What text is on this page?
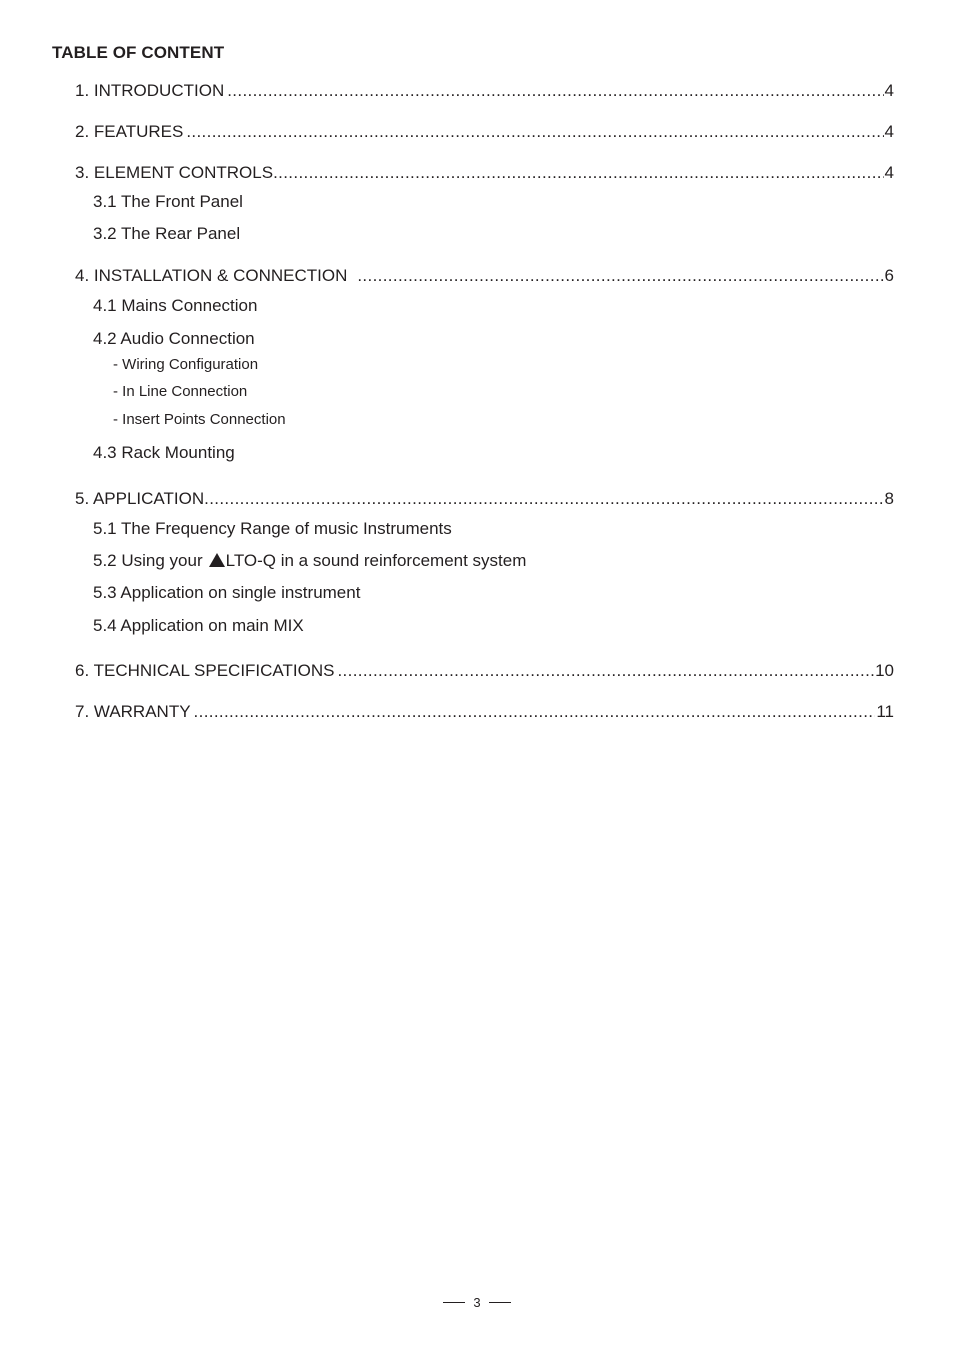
TABLE OF CONTENT
1. INTRODUCTION .....	4
2. FEATURES .....	4
3. ELEMENT CONTROLS .....	4
3.1 The Front Panel
3.2 The Rear Panel
4. INSTALLATION & CONNECTION .....	6
4.1 Mains Connection
4.2 Audio Connection
- Wiring Configuration
- In Line Connection
- Insert Points Connection
4.3 Rack Mounting
5. APPLICATION .....	8
5.1 The Frequency Range of music Instruments
5.2 Using your LTO-Q in a sound reinforcement system
5.3 Application on single instrument
5.4 Application on main MIX
6. TECHNICAL SPECIFICATIONS .....	10
7. WARRANTY .....	11
3
